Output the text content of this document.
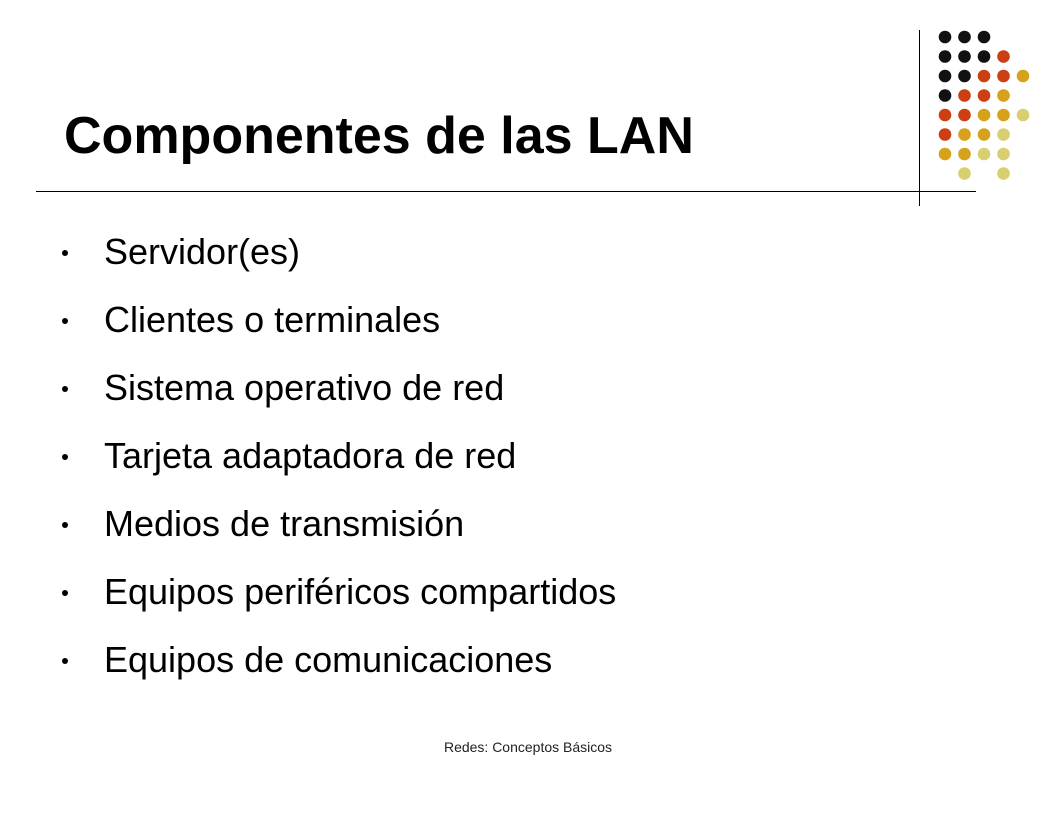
Componentes de las LAN
Servidor(es)
Clientes o terminales
Sistema operativo de red
Tarjeta adaptadora de red
Medios de transmisión
Equipos periféricos compartidos
Equipos de comunicaciones
Redes: Conceptos Básicos
